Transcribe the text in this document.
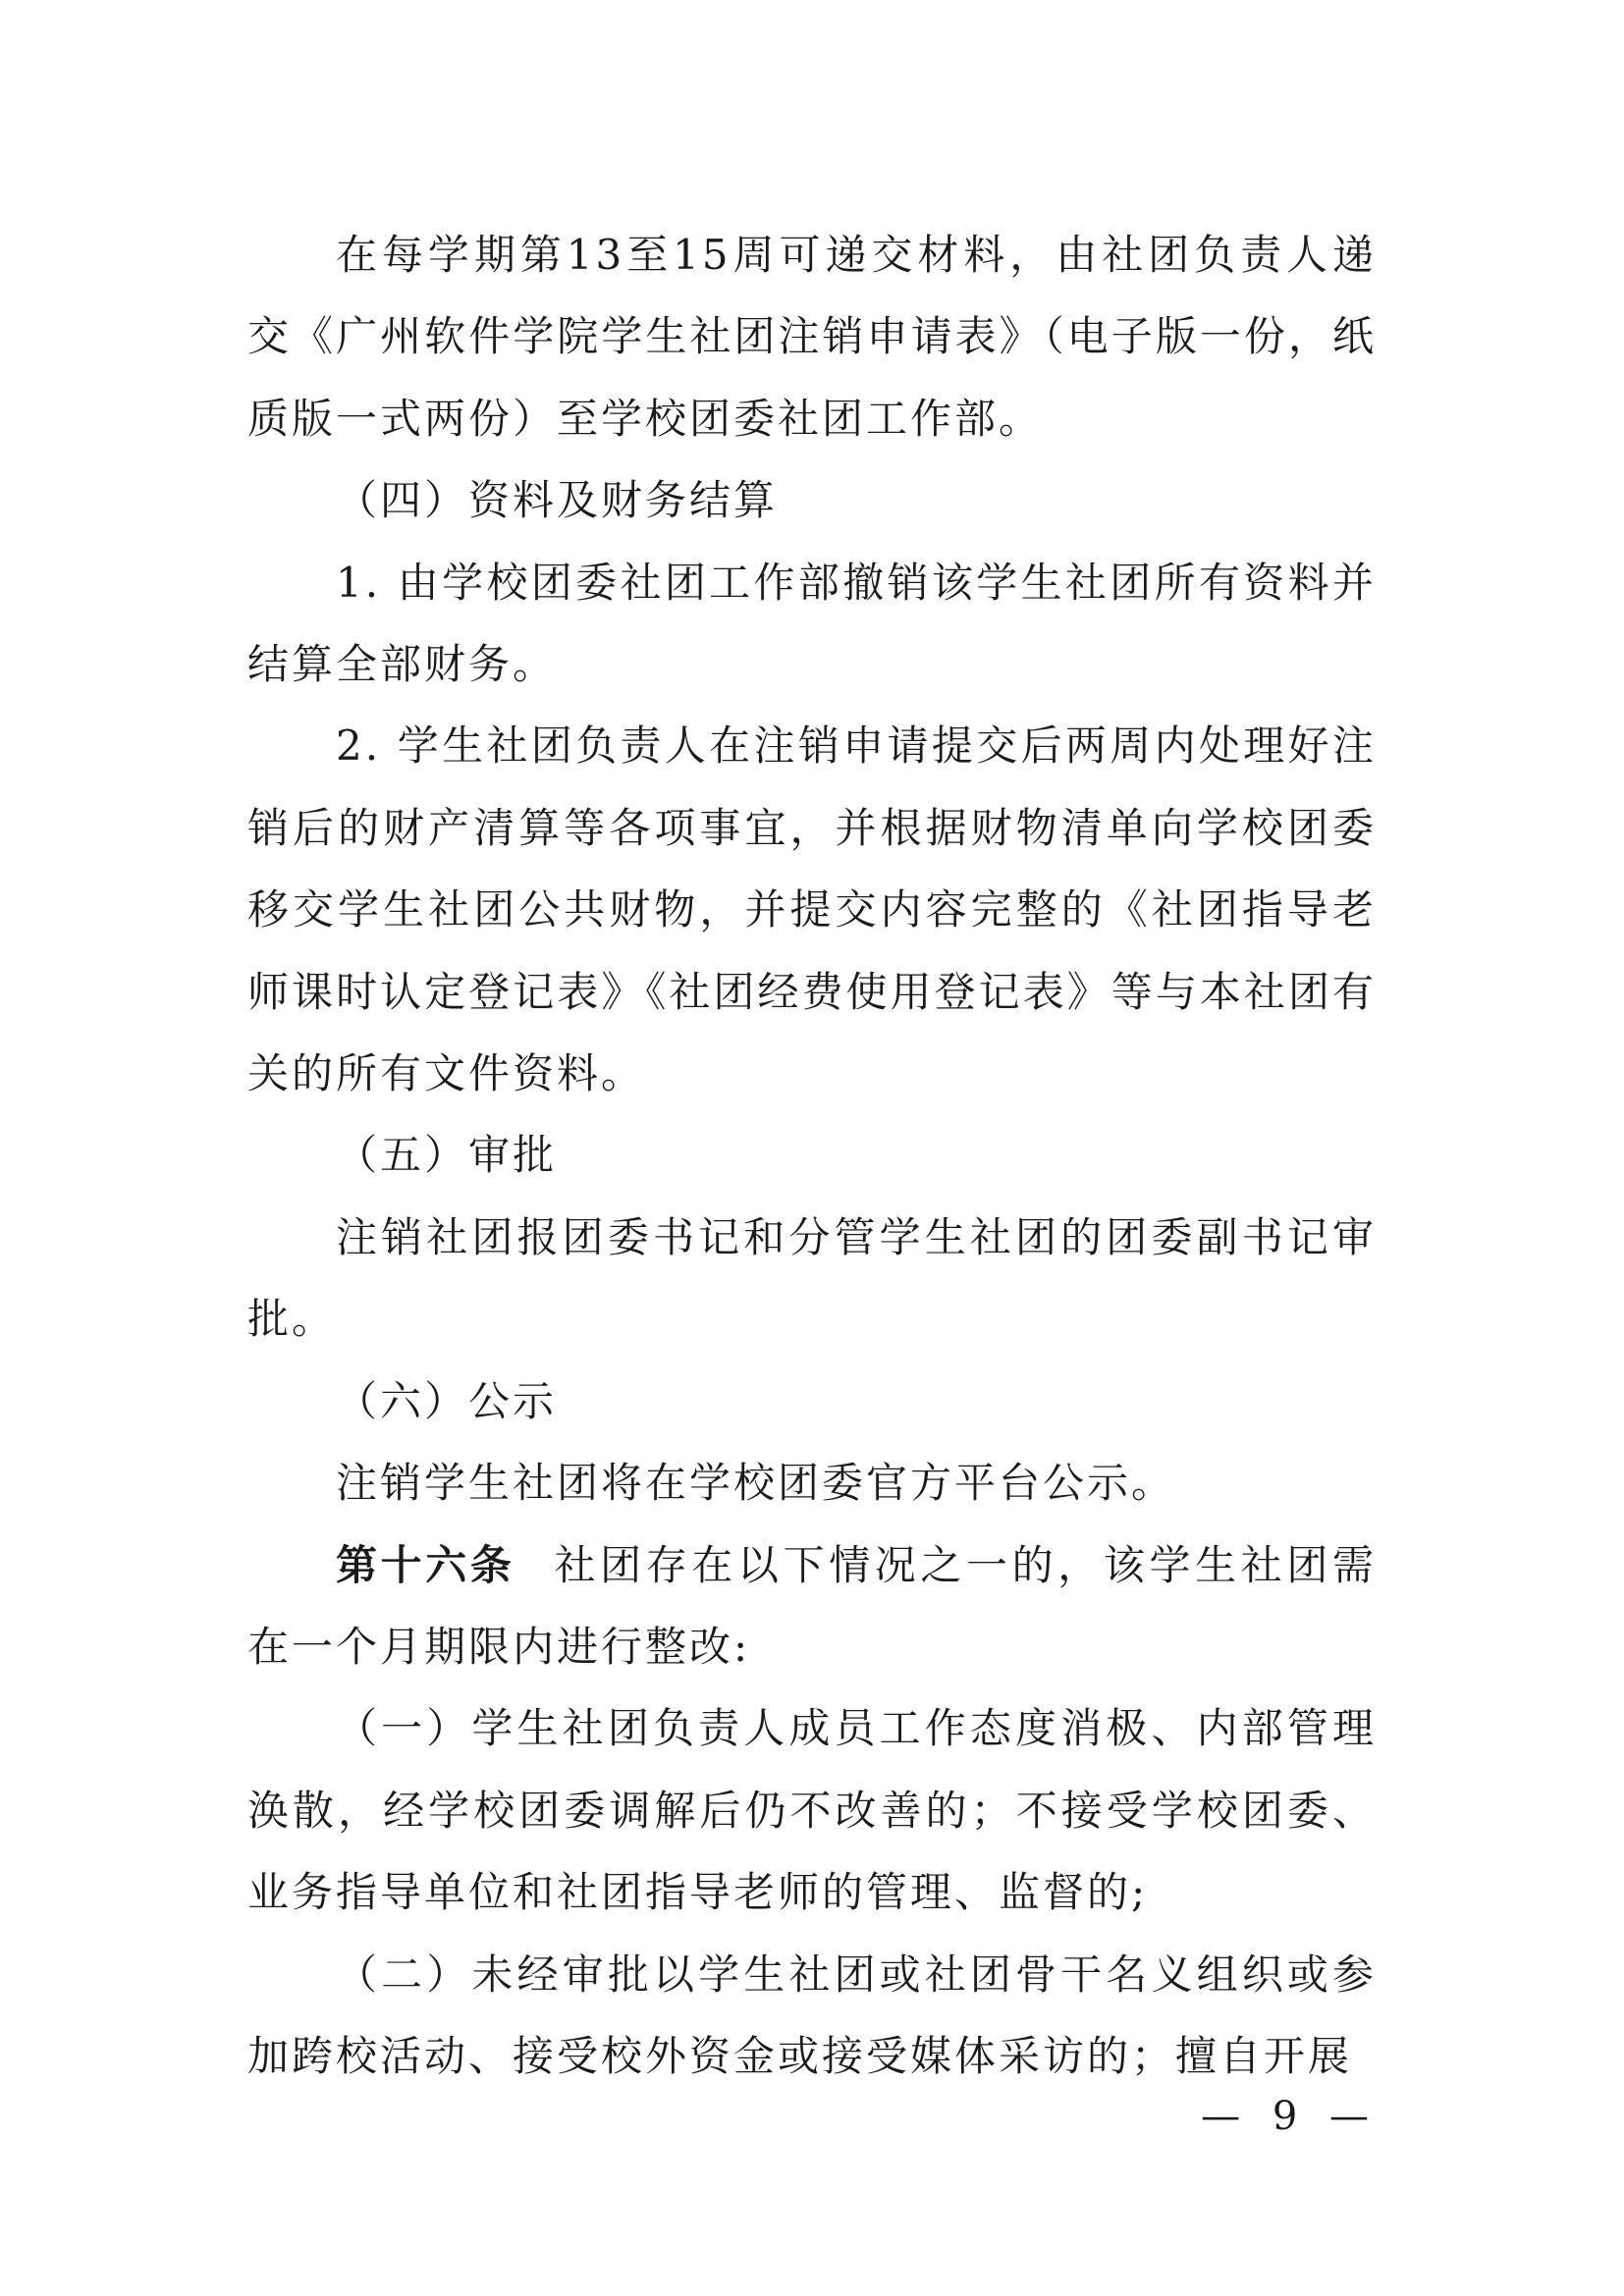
在每学期第13至15周可递交材料，由社团负责人递交《广州软件学院学生社团注销申请表》（电子版一份，纸质版一式两份）至学校团委社团工作部。

（四）资料及财务结算

1. 由学校团委社团工作部撤销该学生社团所有资料并结算全部财务。

2. 学生社团负责人在注销申请提交后两周内处理好注销后的财产清算等各项事宜，并根据财物清单向学校团委移交学生社团公共财物，并提交内容完整的《社团指导老师课时认定登记表》《社团经费使用登记表》等与本社团有关的所有文件资料。

（五）审批

注销社团报团委书记和分管学生社团的团委副书记审批。

（六）公示

注销学生社团将在学校团委官方平台公示。

第十六条 社团存在以下情况之一的，该学生社团需在一个月期限内进行整改:

（一）学生社团负责人成员工作态度消极、内部管理涣散，经学校团委调解后仍不改善的；不接受学校团委、业务指导单位和社团指导老师的管理、监督的;

（二）未经审批以学生社团或社团骨干名义组织或参加跨校活动、接受校外资金或接受媒体采访的；擅自开展

— 9 —
